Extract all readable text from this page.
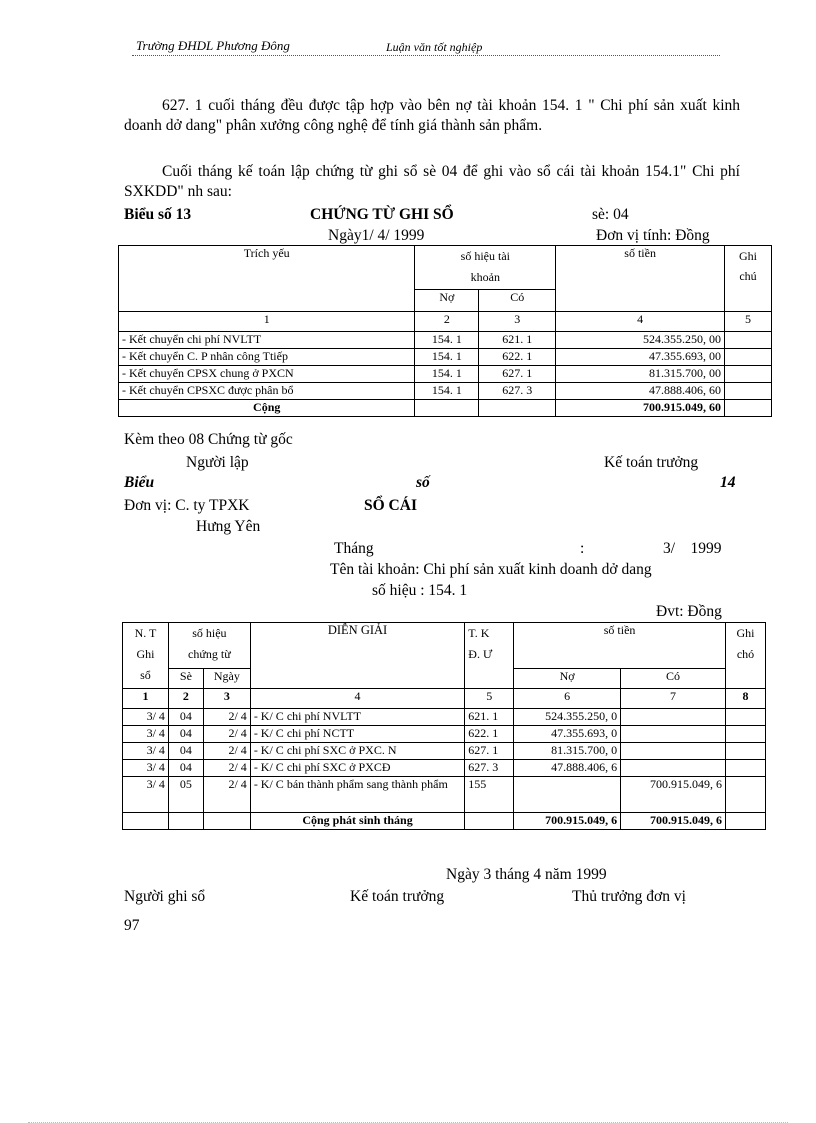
Trường ĐHDL Phương Đông	Luận văn tốt nghiệp
627. 1 cuối tháng đều được tập hợp vào bên nợ tài khoản 154. 1 " Chi phí sản xuất kinh doanh dở dang" phân xưởng công nghệ để tính giá thành sản phẩm.
Cuối tháng kế toán lập chứng từ ghi sổ sè 04 để ghi vào sổ cái tài khoản 154.1" Chi phí SXKDD" nh sau:
Biểu số 13	CHỨNG TỪ GHI SỔ	sè: 04
Ngày1/ 4/ 1999	Đơn vị tính: Đồng
Trích yếu	số hiệu tài
khoản		số tiền	Ghi
chú
	Nợ	Có		
1	2	3	4	5
- Kết chuyển chi phí NVLTT	154. 1	621. 1	524.355.250, 00	
- Kết chuyển C. P nhân công Ttiếp	154. 1	622. 1	47.355.693, 00	
- Kết chuyển CPSX chung ở PXCN	154. 1	627. 1	81.315.700, 00	
- Kết chuyển CPSXC được phân bổ	154. 1	627. 3	47.888.406, 60	
Cộng			700.915.049, 60	
Kèm theo 08 Chứng từ gốc
Người lập	Kế toán trưởng
Biểu	số	14
Đơn vị: C. ty TPXK	SỔ CÁI
Hưng Yên
Tháng	:	3/    1999
Tên tài khoản: Chi phí sản xuất kinh doanh dở dang
số hiệu : 154. 1
Đvt: Đồng
N. T
Ghi
sổ	số hiệu
chứng từ		DIỄN GIẢI	T. K
Đ. Ư	số tiền		Ghi
chó
	Sè	Ngày			Nợ	Có	
1	2	3	4	5	6	7	8
3/ 4	04	2/ 4	- K/ C chi phí NVLTT	621. 1	524.355.250, 0		
3/ 4	04	2/ 4	- K/ C chi phí NCTT	622. 1	47.355.693, 0		
3/ 4	04	2/ 4	- K/ C chi phí SXC ở PXC. N	627. 1	81.315.700, 0		
3/ 4	04	2/ 4	- K/ C chi phí SXC ở PXCĐ	627. 3	47.888.406, 6		
3/ 4	05	2/ 4	- K/ C bán thành phẩm sang thành phẩm	155		700.915.049, 6	
			Cộng phát sinh tháng		700.915.049, 6	700.915.049, 6	
Ngày 3 tháng 4 năm 1999
Người ghi sổ	Kế toán trưởng	Thủ trưởng đơn vị
97
